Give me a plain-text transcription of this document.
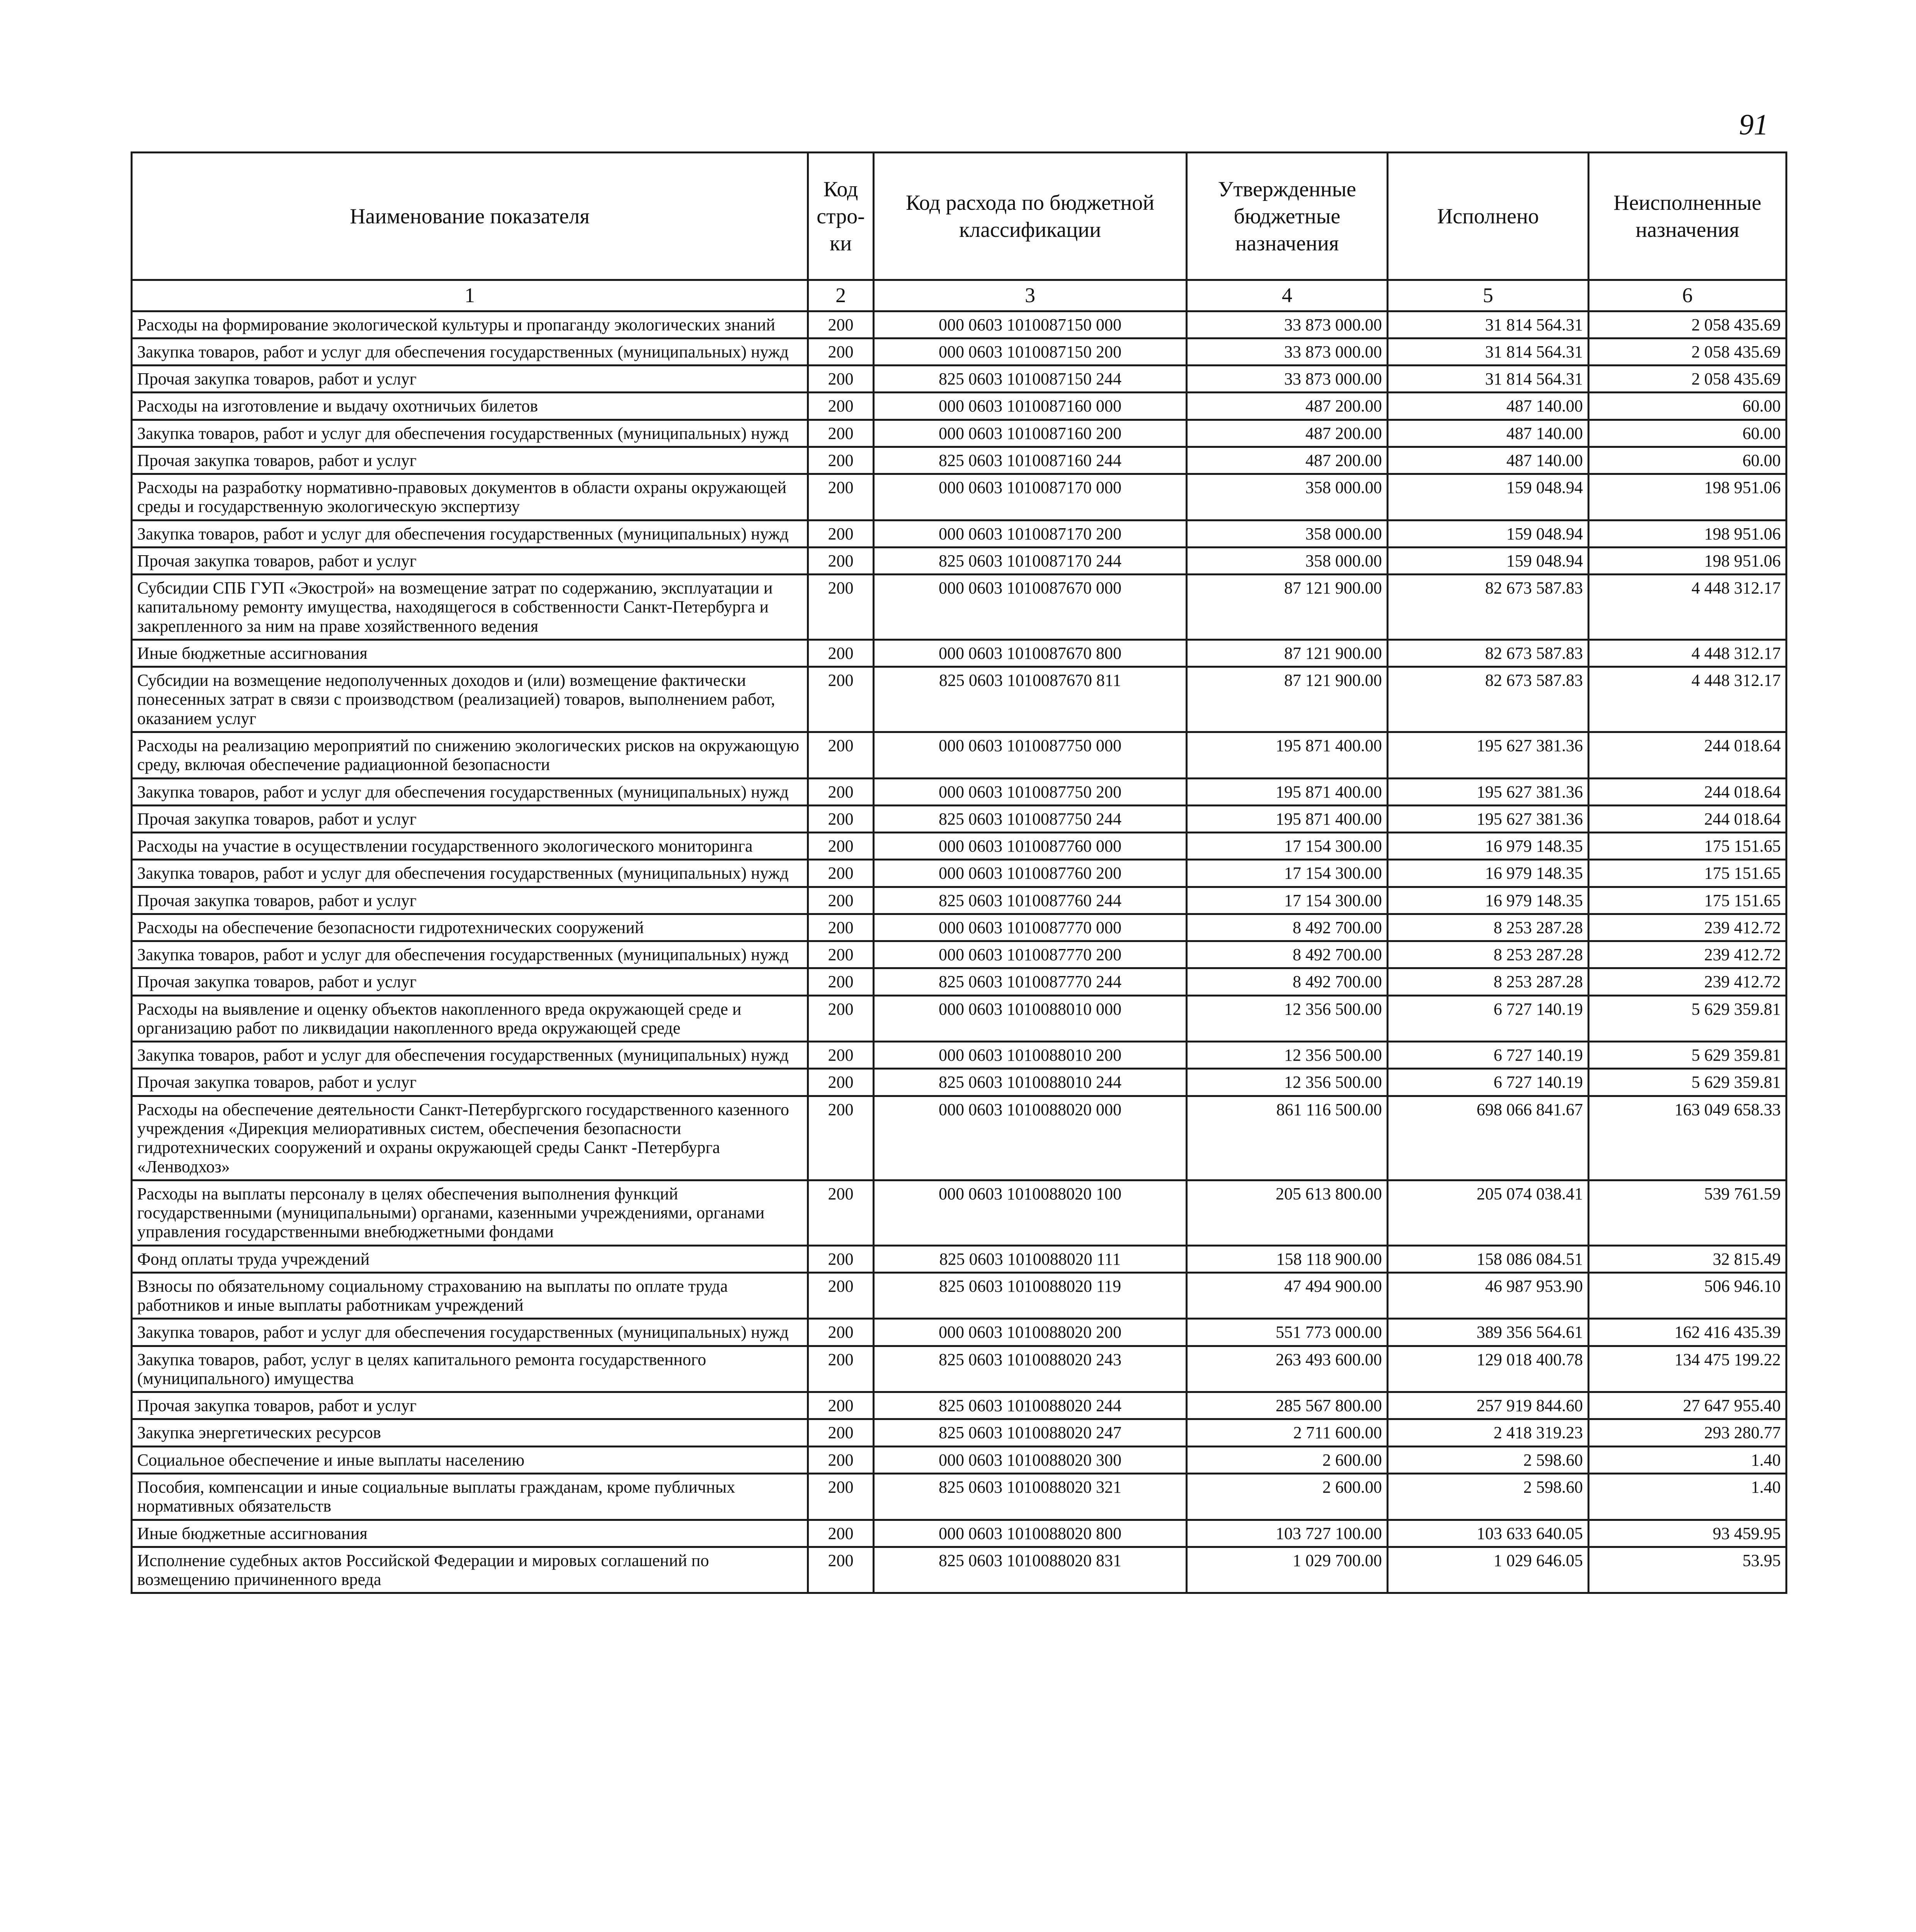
91
Наименование показателя	Код стро-ки	Код расхода по бюджетной классификации	Утвержденные бюджетные назначения	Исполнено	Неисполненные назначения
1	2	3	4	5	6
Расходы на формирование экологической культуры и пропаганду экологических знаний	200	000 0603 1010087150 000	33 873 000.00	31 814 564.31	2 058 435.69
Закупка товаров, работ и услуг для обеспечения государственных (муниципальных) нужд	200	000 0603 1010087150 200	33 873 000.00	31 814 564.31	2 058 435.69
Прочая закупка товаров, работ и услуг	200	825 0603 1010087150 244	33 873 000.00	31 814 564.31	2 058 435.69
Расходы на изготовление и выдачу охотничьих билетов	200	000 0603 1010087160 000	487 200.00	487 140.00	60.00
Закупка товаров, работ и услуг для обеспечения государственных (муниципальных) нужд	200	000 0603 1010087160 200	487 200.00	487 140.00	60.00
Прочая закупка товаров, работ и услуг	200	825 0603 1010087160 244	487 200.00	487 140.00	60.00
Расходы на разработку нормативно-правовых документов в области охраны окружающей среды и государственную экологическую экспертизу	200	000 0603 1010087170 000	358 000.00	159 048.94	198 951.06
Закупка товаров, работ и услуг для обеспечения государственных (муниципальных) нужд	200	000 0603 1010087170 200	358 000.00	159 048.94	198 951.06
Прочая закупка товаров, работ и услуг	200	825 0603 1010087170 244	358 000.00	159 048.94	198 951.06
Субсидии СПБ ГУП «Экострой» на возмещение затрат по содержанию, эксплуатации и капитальному ремонту имущества, находящегося в собственности Санкт-Петербурга и закрепленного за ним на праве хозяйственного ведения	200	000 0603 1010087670 000	87 121 900.00	82 673 587.83	4 448 312.17
Иные бюджетные ассигнования	200	000 0603 1010087670 800	87 121 900.00	82 673 587.83	4 448 312.17
Субсидии на возмещение недополученных доходов и (или) возмещение фактически понесенных затрат в связи с производством (реализацией) товаров, выполнением работ, оказанием услуг	200	825 0603 1010087670 811	87 121 900.00	82 673 587.83	4 448 312.17
Расходы на реализацию мероприятий по снижению экологических рисков на окружающую среду, включая обеспечение радиационной безопасности	200	000 0603 1010087750 000	195 871 400.00	195 627 381.36	244 018.64
Закупка товаров, работ и услуг для обеспечения государственных (муниципальных) нужд	200	000 0603 1010087750 200	195 871 400.00	195 627 381.36	244 018.64
Прочая закупка товаров, работ и услуг	200	825 0603 1010087750 244	195 871 400.00	195 627 381.36	244 018.64
Расходы на участие в осуществлении государственного экологического мониторинга	200	000 0603 1010087760 000	17 154 300.00	16 979 148.35	175 151.65
Закупка товаров, работ и услуг для обеспечения государственных (муниципальных) нужд	200	000 0603 1010087760 200	17 154 300.00	16 979 148.35	175 151.65
Прочая закупка товаров, работ и услуг	200	825 0603 1010087760 244	17 154 300.00	16 979 148.35	175 151.65
Расходы на обеспечение безопасности гидротехнических сооружений	200	000 0603 1010087770 000	8 492 700.00	8 253 287.28	239 412.72
Закупка товаров, работ и услуг для обеспечения государственных (муниципальных) нужд	200	000 0603 1010087770 200	8 492 700.00	8 253 287.28	239 412.72
Прочая закупка товаров, работ и услуг	200	825 0603 1010087770 244	8 492 700.00	8 253 287.28	239 412.72
Расходы на выявление и оценку объектов накопленного вреда окружающей среде и организацию работ по ликвидации накопленного вреда окружающей среде	200	000 0603 1010088010 000	12 356 500.00	6 727 140.19	5 629 359.81
Закупка товаров, работ и услуг для обеспечения государственных (муниципальных) нужд	200	000 0603 1010088010 200	12 356 500.00	6 727 140.19	5 629 359.81
Прочая закупка товаров, работ и услуг	200	825 0603 1010088010 244	12 356 500.00	6 727 140.19	5 629 359.81
Расходы на обеспечение деятельности Санкт-Петербургского государственного казенного учреждения «Дирекция мелиоративных систем, обеспечения безопасности гидротехнических сооружений и охраны окружающей среды Санкт -Петербурга «Ленводхоз»	200	000 0603 1010088020 000	861 116 500.00	698 066 841.67	163 049 658.33
Расходы на выплаты персоналу в целях обеспечения выполнения функций государственными (муниципальными) органами, казенными учреждениями, органами управления государственными внебюджетными фондами	200	000 0603 1010088020 100	205 613 800.00	205 074 038.41	539 761.59
Фонд оплаты труда учреждений	200	825 0603 1010088020 111	158 118 900.00	158 086 084.51	32 815.49
Взносы по обязательному социальному страхованию на выплаты по оплате труда работников и иные выплаты работникам учреждений	200	825 0603 1010088020 119	47 494 900.00	46 987 953.90	506 946.10
Закупка товаров, работ и услуг для обеспечения государственных (муниципальных) нужд	200	000 0603 1010088020 200	551 773 000.00	389 356 564.61	162 416 435.39
Закупка товаров, работ, услуг в целях капитального ремонта государственного (муниципального) имущества	200	825 0603 1010088020 243	263 493 600.00	129 018 400.78	134 475 199.22
Прочая закупка товаров, работ и услуг	200	825 0603 1010088020 244	285 567 800.00	257 919 844.60	27 647 955.40
Закупка энергетических ресурсов	200	825 0603 1010088020 247	2 711 600.00	2 418 319.23	293 280.77
Социальное обеспечение и иные выплаты населению	200	000 0603 1010088020 300	2 600.00	2 598.60	1.40
Пособия, компенсации и иные социальные выплаты гражданам, кроме публичных нормативных обязательств	200	825 0603 1010088020 321	2 600.00	2 598.60	1.40
Иные бюджетные ассигнования	200	000 0603 1010088020 800	103 727 100.00	103 633 640.05	93 459.95
Исполнение судебных актов Российской Федерации и мировых соглашений по возмещению причиненного вреда	200	825 0603 1010088020 831	1 029 700.00	1 029 646.05	53.95
